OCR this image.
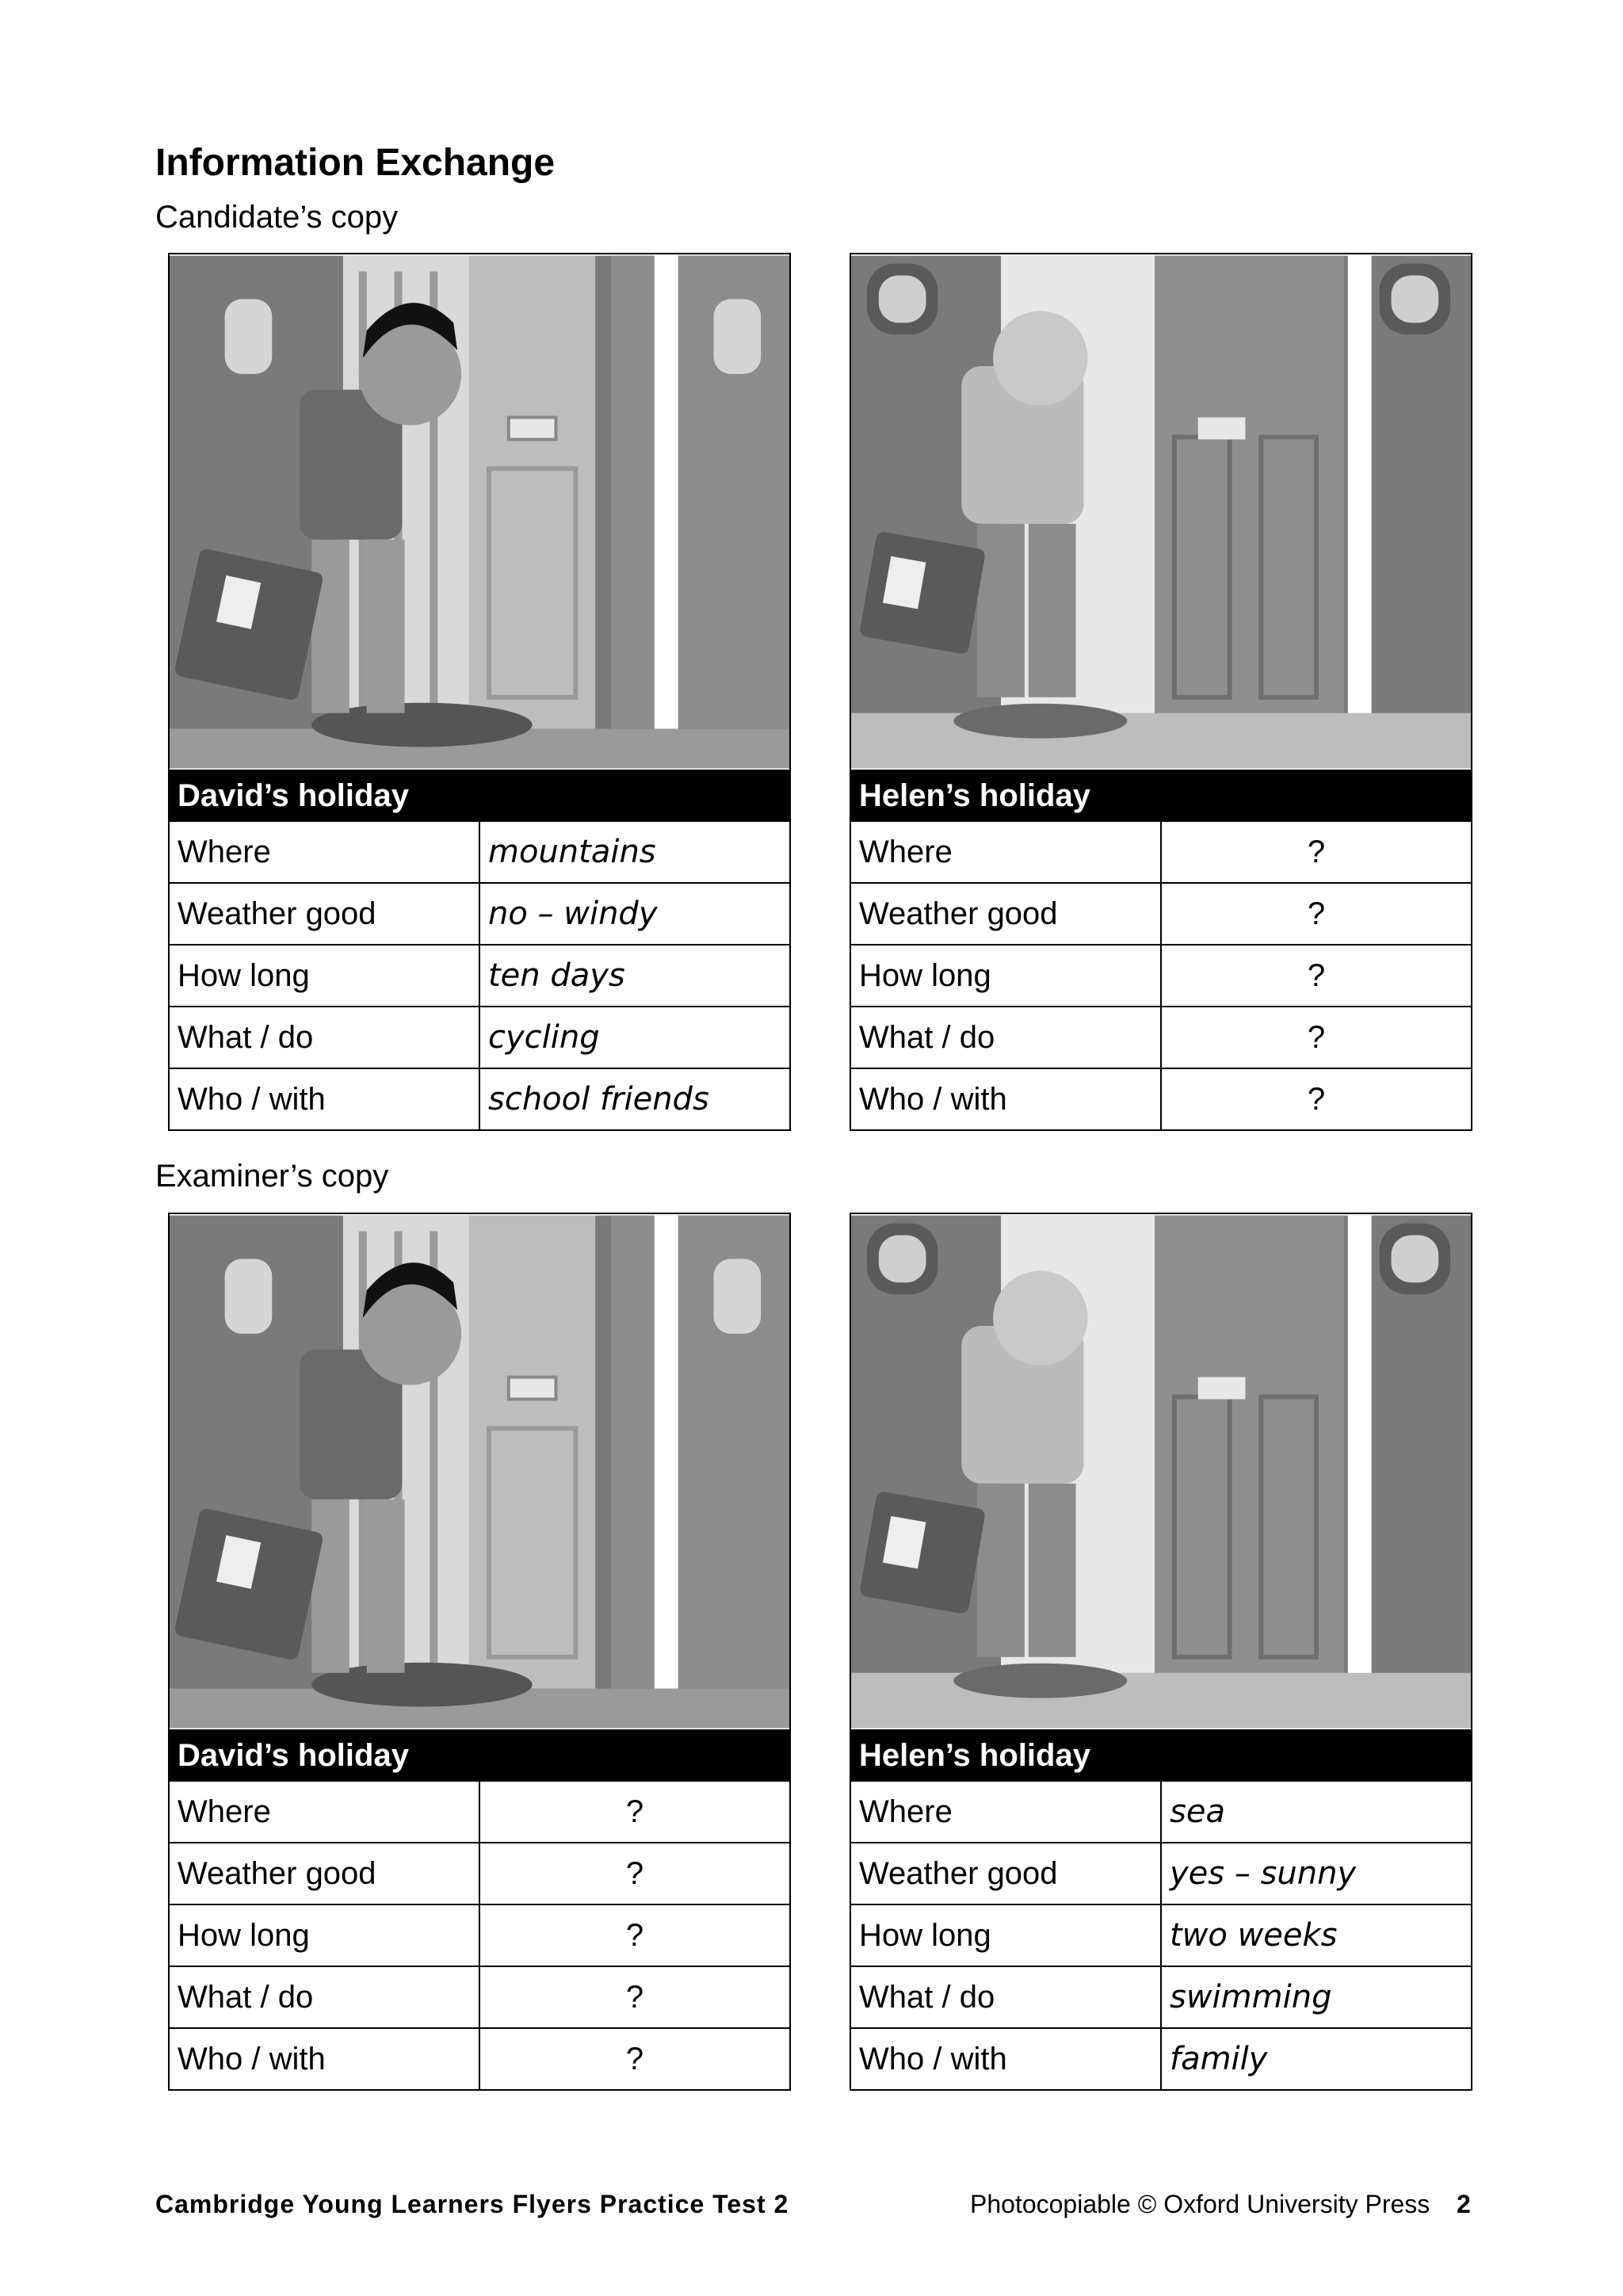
Information Exchange

Candidate’s copy

Examiner’s copy

David’s holiday	
Where	mountains
Weather good	no – windy
How long	ten days
What / do	cycling
Who / with	school friends
Helen’s holiday	
Where	?
Weather good	?
How long	?
What / do	?
Who / with	?
David’s holiday	
Where	?
Weather good	?
How long	?
What / do	?
Who / with	?
Helen’s holiday	
Where	sea
Weather good	yes – sunny
How long	two weeks
What / do	swimming
Who / with	family
Cambridge Young Learners Flyers Practice Test 2	Photocopiable © Oxford University Press 2
